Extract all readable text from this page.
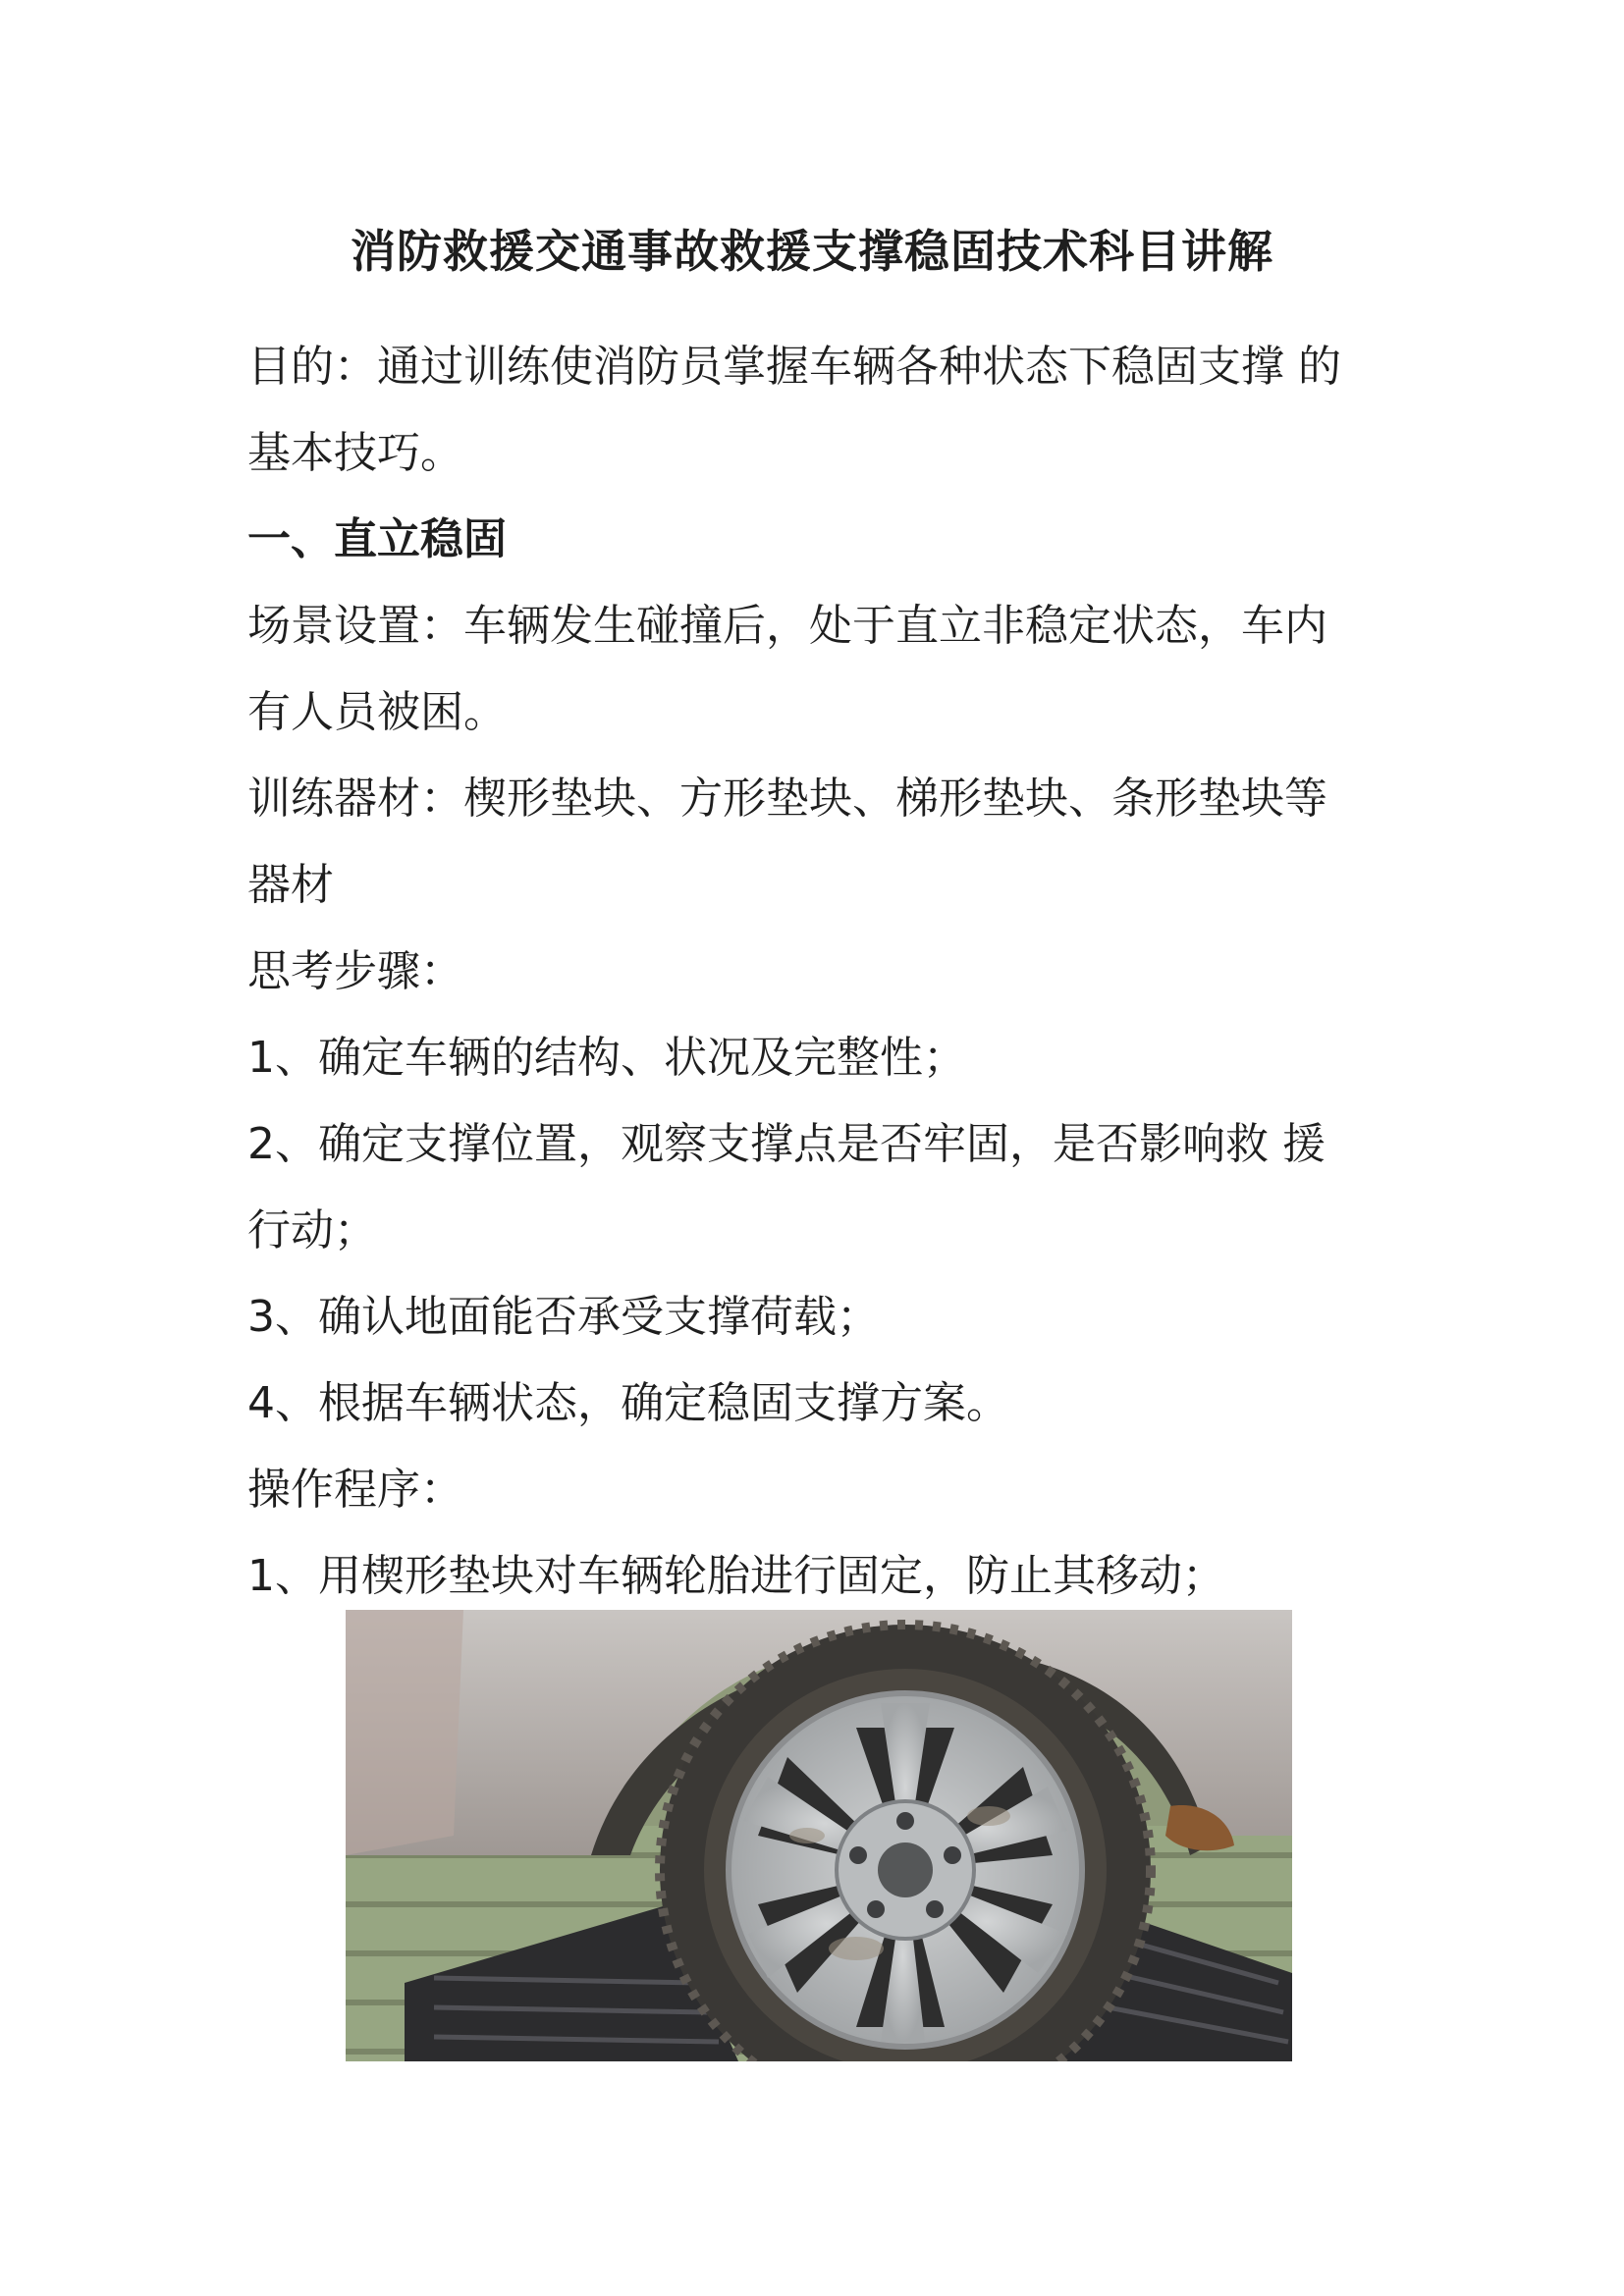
消防救援交通事故救援支撑稳固技术科目讲解
目的：通过训练使消防员掌握车辆各种状态下稳固支撑 的
基本技巧。
一、直立稳固
场景设置：车辆发生碰撞后，处于直立非稳定状态，车内
有人员被困。
训练器材：楔形垫块、方形垫块、梯形垫块、条形垫块等
器材
思考步骤：
1、确定车辆的结构、状况及完整性；
2、确定支撑位置，观察支撑点是否牢固，是否影响救 援
行动；
3、确认地面能否承受支撑荷载；
4、根据车辆状态，确定稳固支撑方案。
操作程序：
1、用楔形垫块对车辆轮胎进行固定，防止其移动；
